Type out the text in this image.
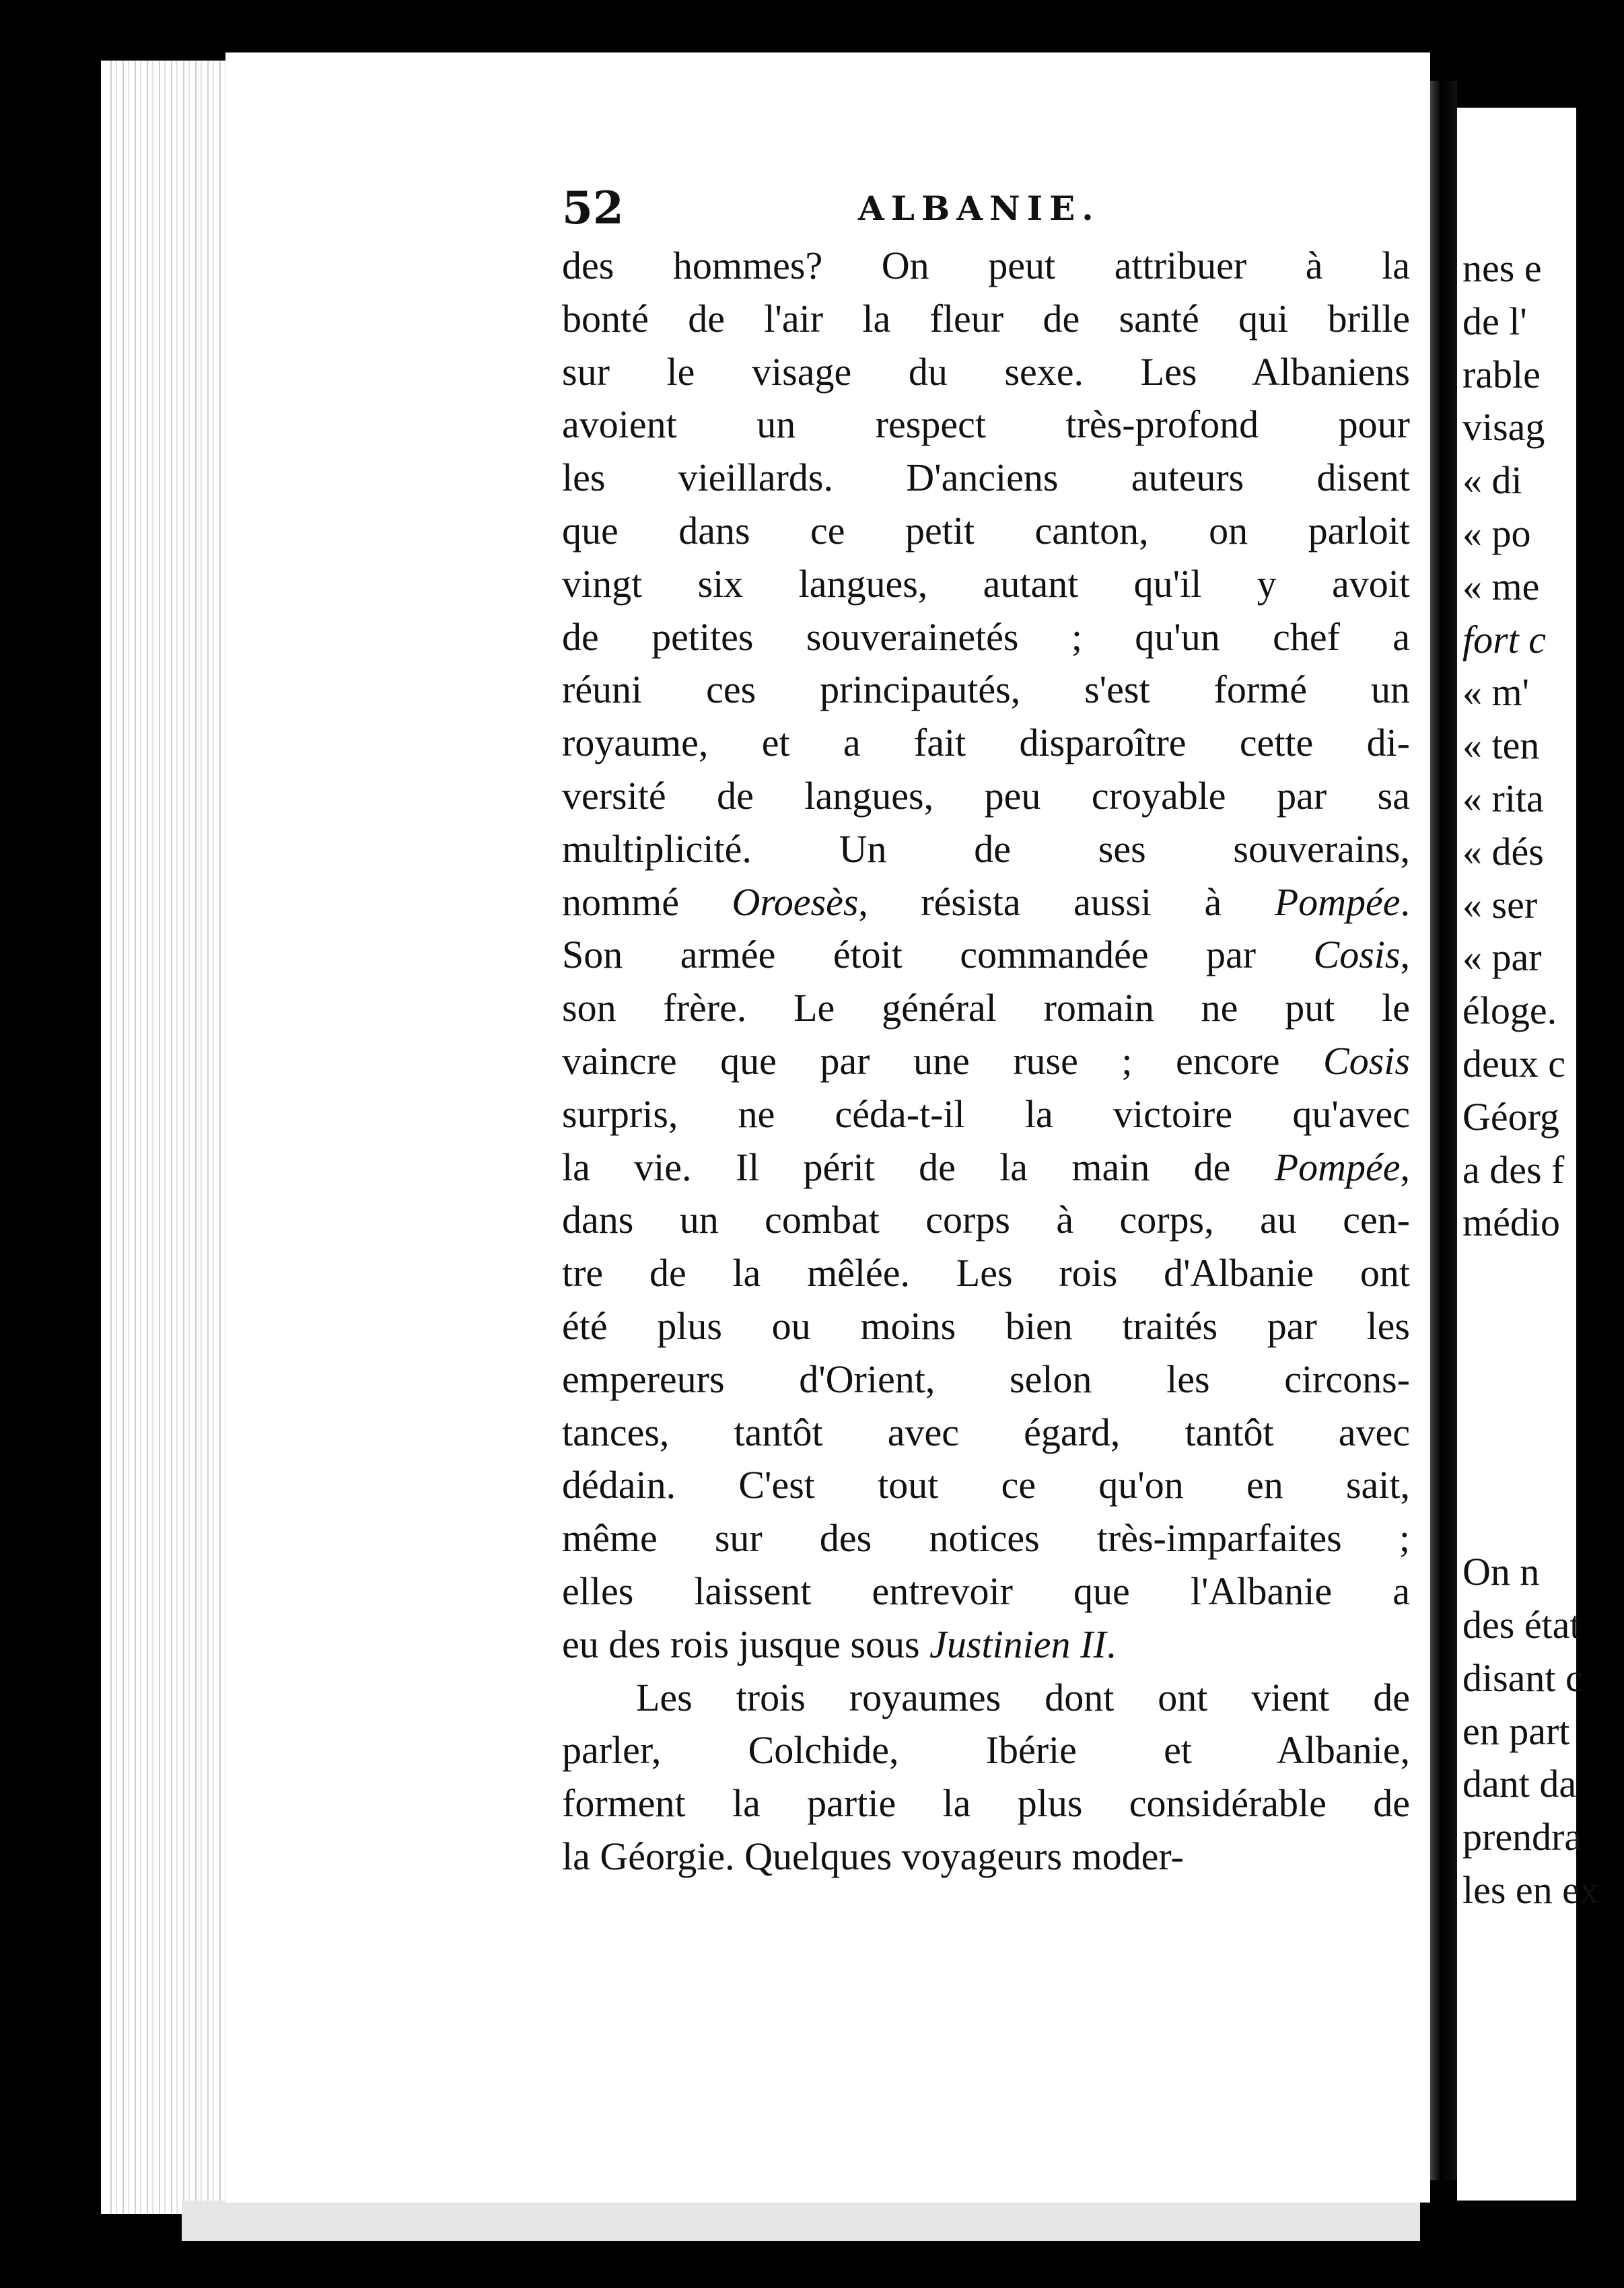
52	ALBANIE.
des hommes? On peut attribuer à la
bonté de l'air la fleur de santé qui brille
sur le visage du sexe. Les Albaniens
avoient un respect très-profond pour
les vieillards. D'anciens auteurs disent
que dans ce petit canton, on parloit
vingt six langues, autant qu'il y avoit
de petites souverainetés ; qu'un chef a
réuni ces principautés, s'est formé un
royaume, et a fait disparoître cette di-
versité de langues, peu croyable par sa
multiplicité. Un de ses souverains,
nommé Oroesès, résista aussi à Pompée.
Son armée étoit commandée par Cosis,
son frère. Le général romain ne put le
vaincre que par une ruse ; encore Cosis
surpris, ne céda-t-il la victoire qu'avec
la vie. Il périt de la main de Pompée,
dans un combat corps à corps, au cen-
tre de la mêlée. Les rois d'Albanie ont
été plus ou moins bien traités par les
empereurs d'Orient, selon les circons-
tances, tantôt avec égard, tantôt avec
dédain. C'est tout ce qu'on en sait,
même sur des notices très-imparfaites ;
elles laissent entrevoir que l'Albanie a
eu des rois jusque sous Justinien II.
Les trois royaumes dont ont vient de
parler, Colchide, Ibérie et Albanie,
forment la partie la plus considérable de
la Géorgie. Quelques voyageurs moder-
nes e
de l'
rable
visag
« di
« po
« me
fort c
« m'
« ten
« rita
« dés
« ser
« par
éloge.
deux c
Géorg
a des f
médio
On n
des état
disant c
en part
dant da
prendra
les en ex
